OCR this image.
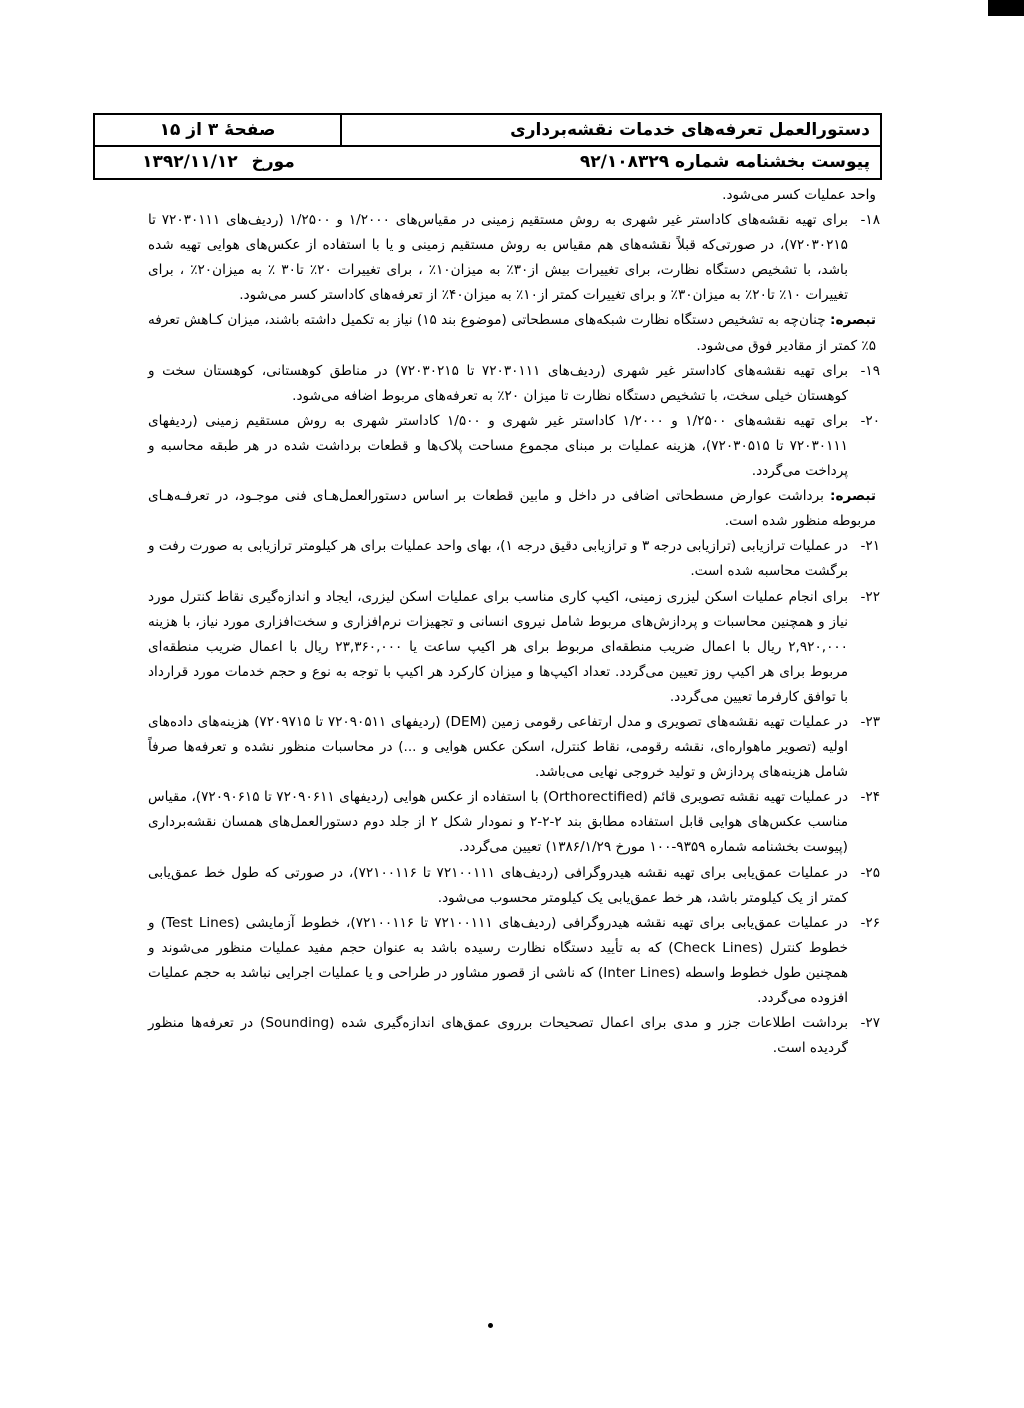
صفحهٔ ۳ از ۱۵	دستورالعمل تعرفه‌های خدمات نقشه‌برداری
مورخ
۱۳۹۲/۱۱/۱۲	پیوست بخشنامه شماره ۹۲/۱۰۸۳۲۹

واحد عملیات کسر می‌شود.

۱۸-
برای تهیه نقشه‌های کاداستر غیر شهری به روش مستقیم زمینی در مقیاس‌های ۱/۲۰۰۰ و ۱/۲۵۰۰ (ردیف‌های ۷۲۰۳۰۱۱۱ تا ۷۲۰۳۰۲۱۵)، در صورتی‌که قبلاً نقشه‌های هم مقیاس به روش مستقیم زمینی و یا با استفاده از عکس‌های هوایی تهیه شده باشد، با تشخیص دستگاه نظارت، برای تغییرات بیش از۳۰٪ به میزان۱۰٪ ، برای تغییرات ۲۰٪ تا۳۰ ٪ به میزان۲۰٪ ، برای تغییرات ۱۰٪ تا۲۰٪ به میزان۳۰٪ و برای تغییرات کمتر از۱۰٪ به میزان۴۰٪ از تعرفه‌های کاداستر کسر می‌شود.

تبصره: چنان‌چه به تشخیص دستگاه نظارت شبکه‌های مسطحاتی (موضوع بند ۱۵) نیاز به تکمیل داشته باشند، میزان کـاهش تعرفه ۵٪ کمتر از مقادیر فوق می‌شود.

۱۹-
برای تهیه نقشه‌های کاداستر غیر شهری (ردیف‌های ۷۲۰۳۰۱۱۱ تا ۷۲۰۳۰۲۱۵) در مناطق کوهستانی، کوهستان سخت و کوهستان خیلی سخت، با تشخیص دستگاه نظارت تا میزان ۲۰٪ به تعرفه‌های مربوط اضافه می‌شود.

۲۰-
برای تهیه نقشه‌های ۱/۲۵۰۰ و ۱/۲۰۰۰ کاداستر غیر شهری و ۱/۵۰۰ کاداستر شهری به روش مستقیم زمینی (ردیفهای ۷۲۰۳۰۱۱۱ تا ۷۲۰۳۰۵۱۵)، هزینه عملیات بر مبنای مجموع مساحت پلاک‌ها و قطعات برداشت شده در هر طبقه محاسبه و پرداخت می‌گردد.

تبصره: برداشت عوارض مسطحاتی اضافی در داخل و مابین قطعات بر اساس دستورالعمل‌هـای فنی موجـود، در تعرفـه‌هـای مربوطه منظور شده است.

۲۱-
در عملیات ترازیابی (ترازیابی درجه ۳ و ترازیابی دقیق درجه ۱)، بهای واحد عملیات برای هر کیلومتر ترازیابی به صورت رفت و برگشت محاسبه شده است.

۲۲-
برای انجام عملیات اسکن لیزری زمینی، اکیپ کاری مناسب برای عملیات اسکن لیزری، ایجاد و اندازه‌گیری نقاط کنترل مورد نیاز و همچنین محاسبات و پردازش‌های مربوط شامل نیروی انسانی و تجهیزات نرم‌افزاری و سخت‌افزاری مورد نیاز، با هزینه ۲,۹۲۰,۰۰۰ ریال با اعمال ضریب منطقه‌ای مربوط برای هر اکیپ ساعت یا ۲۳,۳۶۰,۰۰۰ ریال با اعمال ضریب منطقه‌ای مربوط برای هر اکیپ روز تعیین می‌گردد. تعداد اکیپ‌ها و میزان کارکرد هر اکیپ با توجه به نوع و حجم خدمات مورد قرارداد با توافق کارفرما تعیین می‌گردد.

۲۳-
در عملیات تهیه نقشه‌های تصویری و مدل ارتفاعی رقومی زمین (DEM) (ردیفهای ۷۲۰۹۰۵۱۱ تا ۷۲۰۹۷۱۵) هزینه‌های داده‌های اولیه (تصویر ماهواره‌ای، نقشه رقومی، نقاط کنترل، اسکن عکس هوایی و ...) در محاسبات منظور نشده و تعرفه‌ها صرفاً شامل هزینه‌های پردازش و تولید خروجی نهایی می‌باشد.

۲۴-
در عملیات تهیه نقشه تصویری قائم (Orthorectified) با استفاده از عکس هوایی (ردیفهای ۷۲۰۹۰۶۱۱ تا ۷۲۰۹۰۶۱۵)، مقیاس مناسب عکس‌های هوایی قابل استفاده مطابق بند ۲-۲-۲ و نمودار شکل ۲ از جلد دوم دستورالعمل‌های همسان نقشه‌برداری (پیوست بخشنامه شماره ۹۳۵۹-۱۰۰ مورخ ۱۳۸۶/۱/۲۹) تعیین می‌گردد.

۲۵-
در عملیات عمق‌یابی برای تهیه نقشه هیدروگرافی (ردیف‌های ۷۲۱۰۰۱۱۱ تا ۷۲۱۰۰۱۱۶)، در صورتی که طول خط عمق‌یابی کمتر از یک کیلومتر باشد، هر خط عمق‌یابی یک کیلومتر محسوب می‌شود.

۲۶-
در عملیات عمق‌یابی برای تهیه نقشه هیدروگرافی (ردیف‌های ۷۲۱۰۰۱۱۱ تا ۷۲۱۰۰۱۱۶)، خطوط آزمایشی (Test Lines) و خطوط کنترل (Check Lines) که به تأیید دستگاه نظارت رسیده باشد به عنوان حجم مفید عملیات منظور می‌شوند و همچنین طول خطوط واسطه (Inter Lines) که ناشی از قصور مشاور در طراحی و یا عملیات اجرایی نباشد به حجم عملیات افزوده می‌گردد.

۲۷-
برداشت اطلاعات جزر و مدی برای اعمال تصحیحات برروی عمق‌های اندازه‌گیری شده (Sounding) در تعرفه‌ها منظور گردیده است.
